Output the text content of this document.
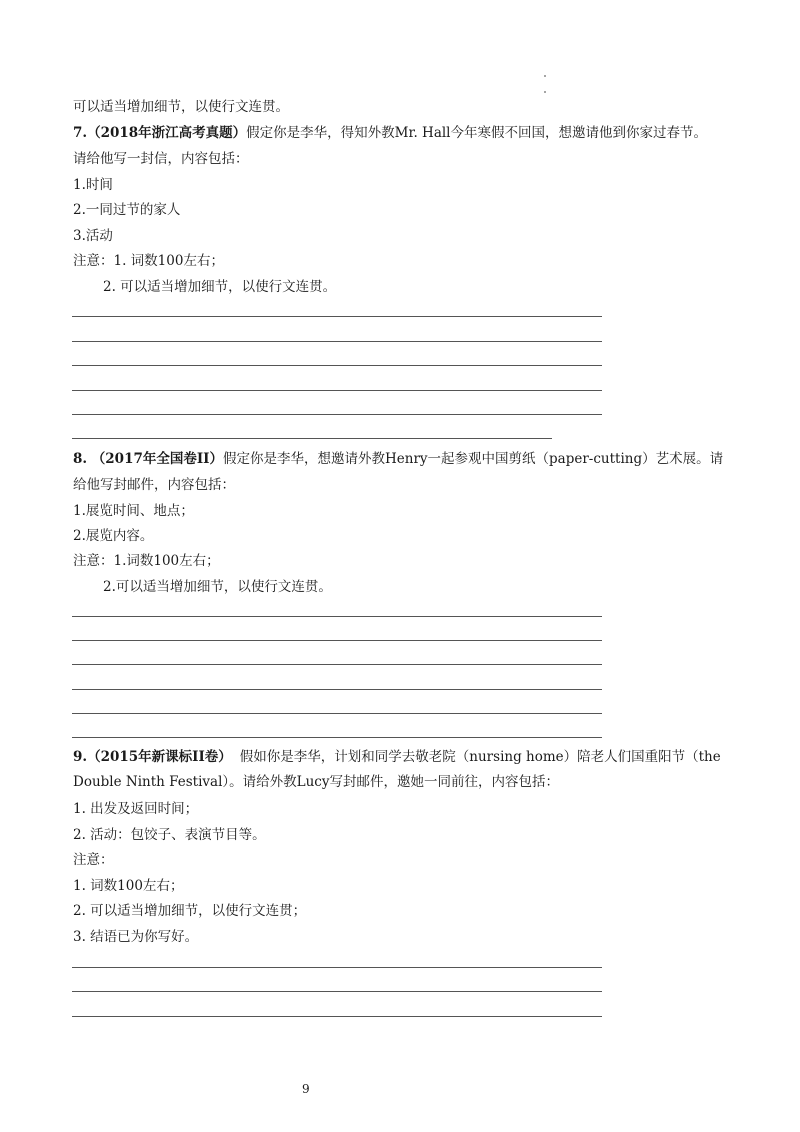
可以适当增加细节，以使行文连贯。
7.（2018年浙江高考真题）假定你是李华，得知外教Mr. Hall今年寒假不回国，想邀请他到你家过春节。
请给他写一封信，内容包括：
1.时间
2.一同过节的家人
3.活动
注意：1. 词数100左右；
2. 可以适当增加细节，以使行文连贯。
8. （2017年全国卷II）假定你是李华，想邀请外教Henry一起参观中国剪纸（paper-cutting）艺术展。请
给他写封邮件，内容包括：
1.展览时间、地点；
2.展览内容。
注意：1.词数100左右；
2.可以适当增加细节，以使行文连贯。
9.（2015年新课标II卷） 假如你是李华，计划和同学去敬老院（nursing home）陪老人们国重阳节（the
Double Ninth Festival）。请给外教Lucy写封邮件，邀她一同前往，内容包括：
1. 出发及返回时间；
2. 活动：包饺子、表演节目等。
注意：
1. 词数100左右；
2. 可以适当增加细节，以使行文连贯；
3. 结语已为你写好。
9
